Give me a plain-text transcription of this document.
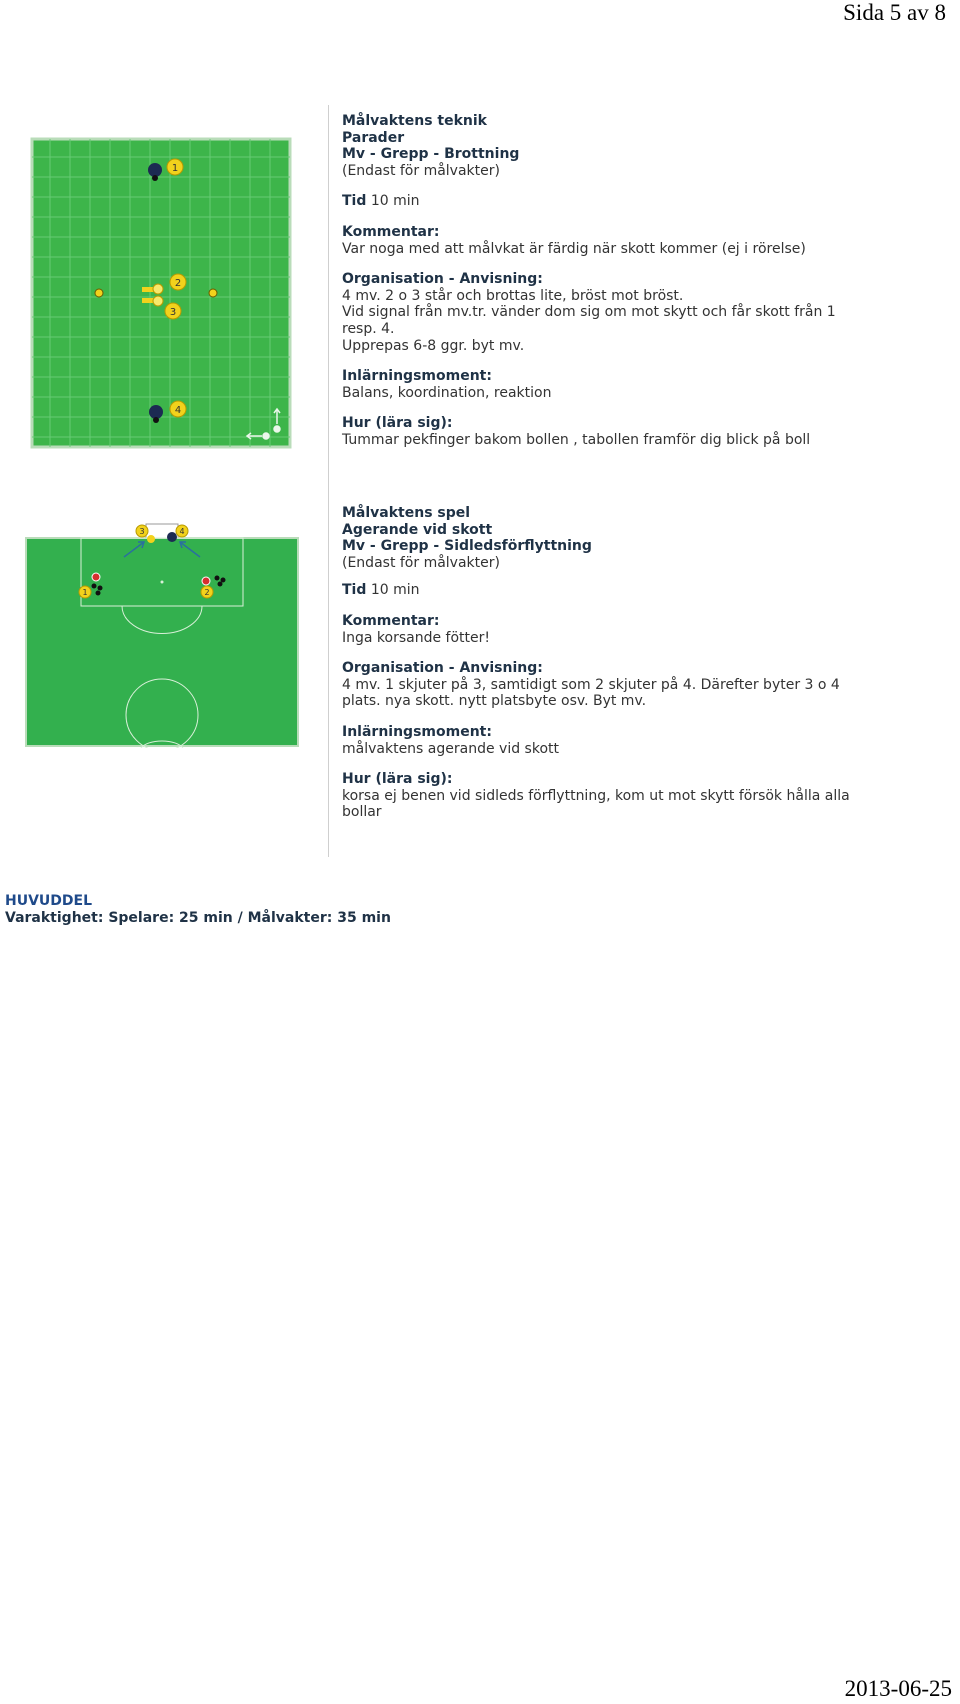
Sida 5 av 8
1
2
3
4
Målvaktens teknik
Parader
Mv - Grepp - Brottning
(Endast för målvakter)
Tid 10 min
Kommentar:
Var noga med att målvkat är färdig när skott kommer (ej i rörelse)
Organisation - Anvisning:
4 mv. 2 o 3 står och brottas lite, bröst mot bröst.
Vid signal från mv.tr. vänder dom sig om mot skytt och får skott från 1
resp. 4.
Upprepas 6-8 ggr. byt mv.
Inlärningsmoment:
Balans, koordination, reaktion
Hur (lära sig):
Tummar pekfinger bakom bollen , tabollen framför dig blick på boll
3	4
1	2
Målvaktens spel
Agerande vid skott
Mv - Grepp - Sidledsförflyttning
(Endast för målvakter)
Tid 10 min
Kommentar:
Inga korsande fötter!
Organisation - Anvisning:
4 mv. 1 skjuter på 3, samtidigt som 2 skjuter på 4. Därefter byter 3 o 4
plats. nya skott. nytt platsbyte osv. Byt mv.
Inlärningsmoment:
målvaktens agerande vid skott
Hur (lära sig):
korsa ej benen vid sidleds förflyttning, kom ut mot skytt försök hålla alla
bollar
HUVUDDEL
Varaktighet: Spelare: 25 min / Målvakter: 35 min
2013-06-25
